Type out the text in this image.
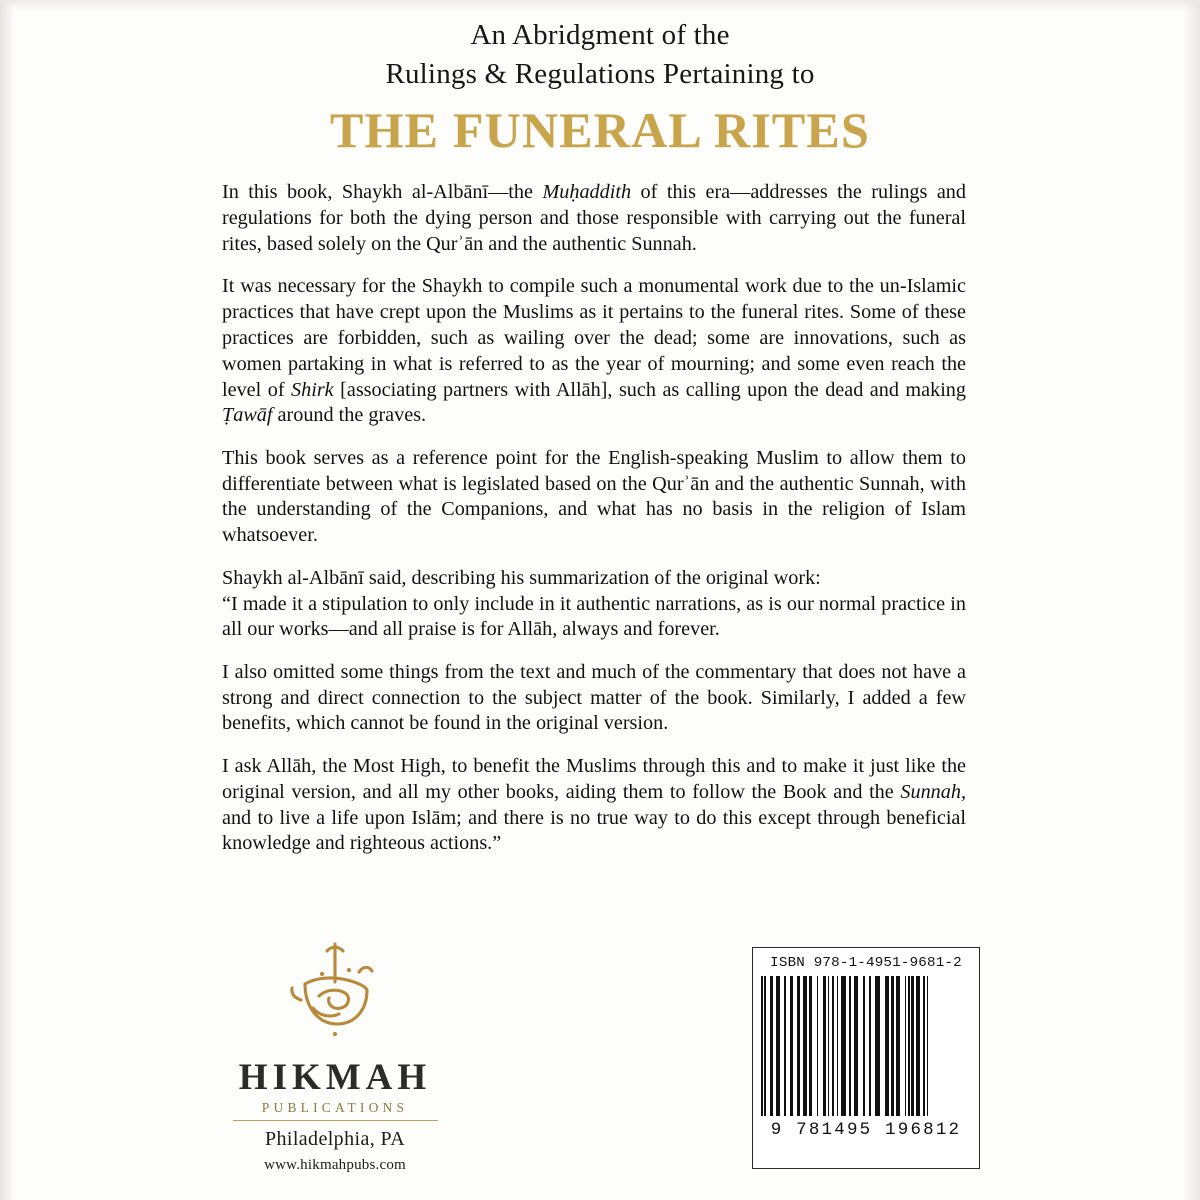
An Abridgment of the
Rulings & Regulations Pertaining to
THE FUNERAL RITES

In this book, Shaykh al-Albānī—the Muḥaddith of this era—addresses the rulings and regulations for both the dying person and those responsible with carrying out the funeral rites, based solely on the Qurʾān and the authentic Sunnah.

It was necessary for the Shaykh to compile such a monumental work due to the un-Islamic practices that have crept upon the Muslims as it pertains to the funeral rites. Some of these practices are forbidden, such as wailing over the dead; some are innovations, such as women partaking in what is referred to as the year of mourning; and some even reach the level of Shirk [associating partners with Allāh], such as calling upon the dead and making Ṭawāf around the graves.

This book serves as a reference point for the English-speaking Muslim to allow them to differentiate between what is legislated based on the Qurʾān and the authentic Sunnah, with the understanding of the Companions, and what has no basis in the religion of Islam whatsoever.

Shaykh al-Albānī said, describing his summarization of the original work:
“I made it a stipulation to only include in it authentic narrations, as is our normal practice in all our works—and all praise is for Allāh, always and forever.

I also omitted some things from the text and much of the commentary that does not have a strong and direct connection to the subject matter of the book. Similarly, I added a few benefits, which cannot be found in the original version.

I ask Allāh, the Most High, to benefit the Muslims through this and to make it just like the original version, and all my other books, aiding them to follow the Book and the Sunnah, and to live a life upon Islām; and there is no true way to do this except through beneficial knowledge and righteous actions.”

HIKMAH
PUBLICATIONS
Philadelphia, PA
www.hikmahpubs.com
ISBN 978-1-4951-9681-2
9 781495 196812
